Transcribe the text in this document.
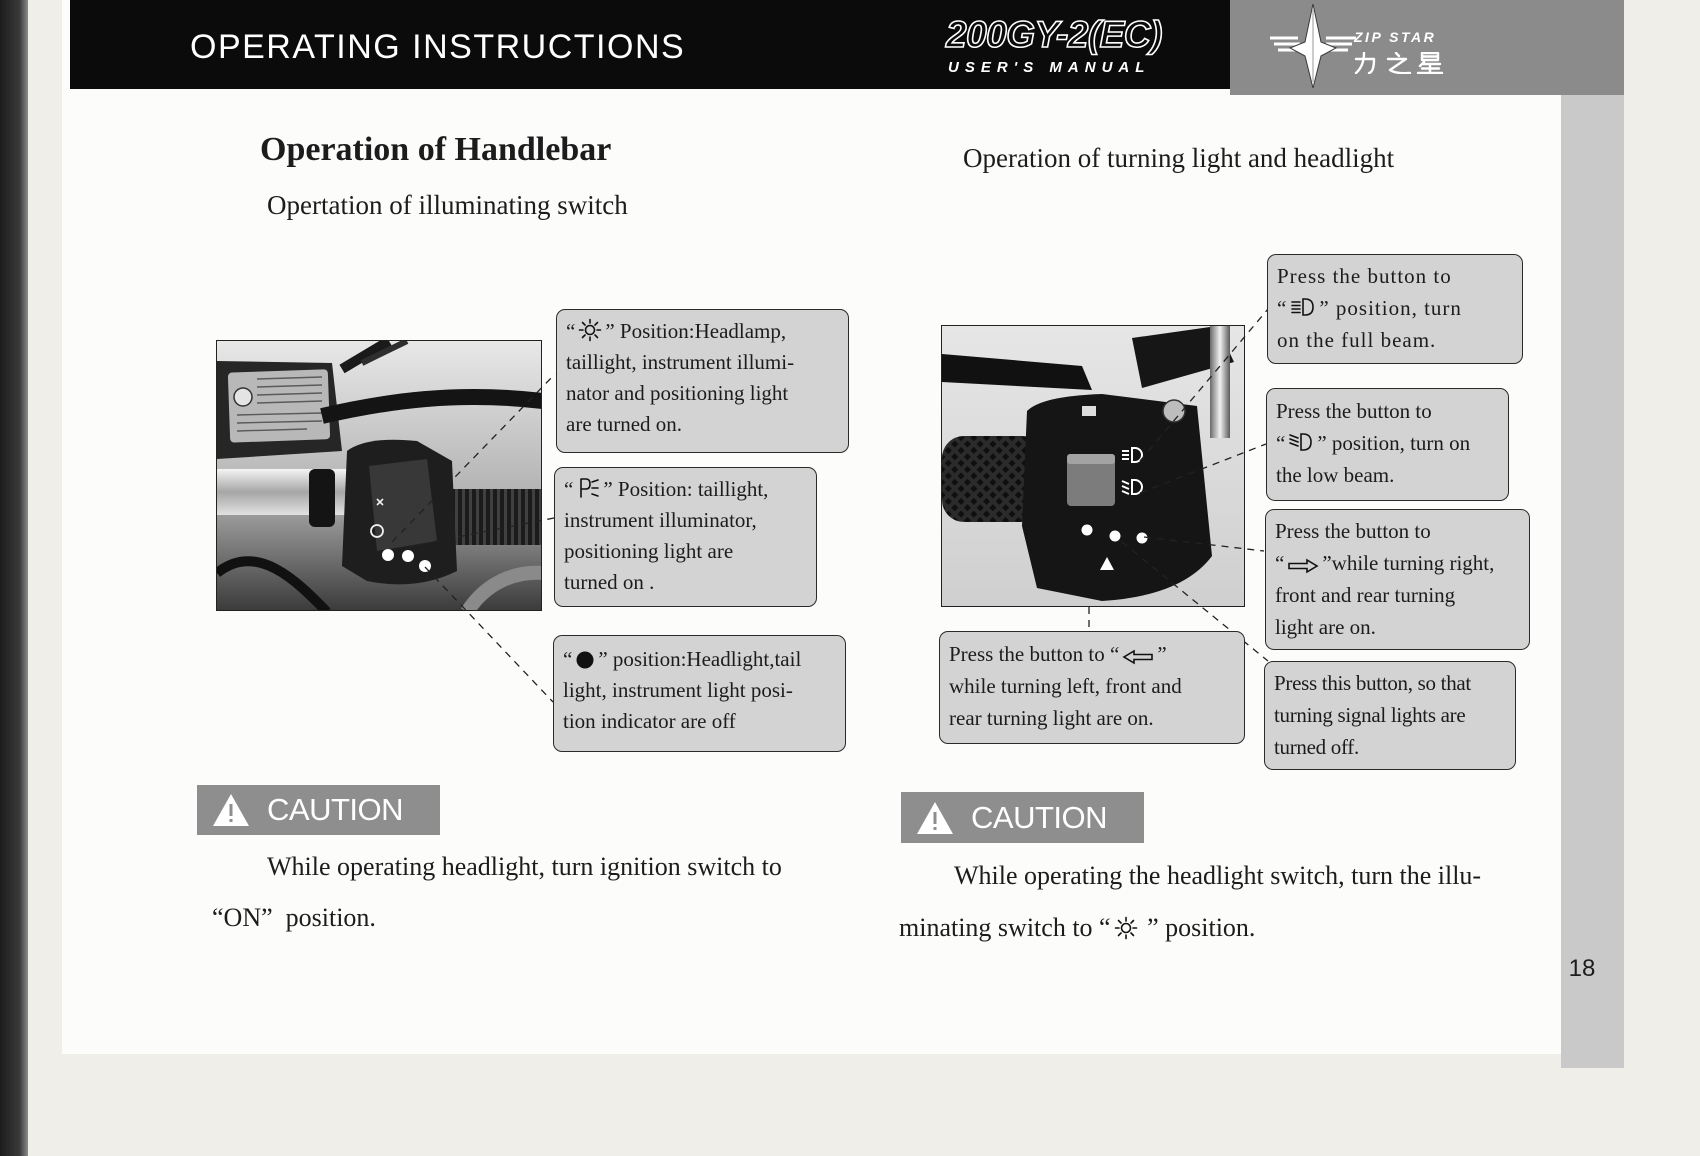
OPERATING INSTRUCTIONS	200GY-2(EC)
USER'S MANUAL
ZIP STAR
Operation of Handlebar
Opertation of illuminating switch
Operation of turning light and headlight
“ ” Position:Headlamp,
taillight, instrument illumi-
nator and positioning light
are turned on.
“ ” Position: taillight,
instrument illuminator,
positioning light are
turned on .
“ ” position:Headlight,tail
light, instrument light posi-
tion indicator are off
Press the button to
“ ” position, turn
on the full beam.
Press the button to
“ ” position, turn on
the low beam.
Press the button to
“ ”while turning right,
front and rear turning
light are on.
Press the button to “ ”
while turning left, front and
rear turning light are on.
Press this button, so that
turning signal lights are
turned off.
CAUTION
While operating headlight, turn ignition switch to
“ON”  position.
CAUTION
While operating the headlight switch, turn the illu-
minating switch to “
” position.
18
